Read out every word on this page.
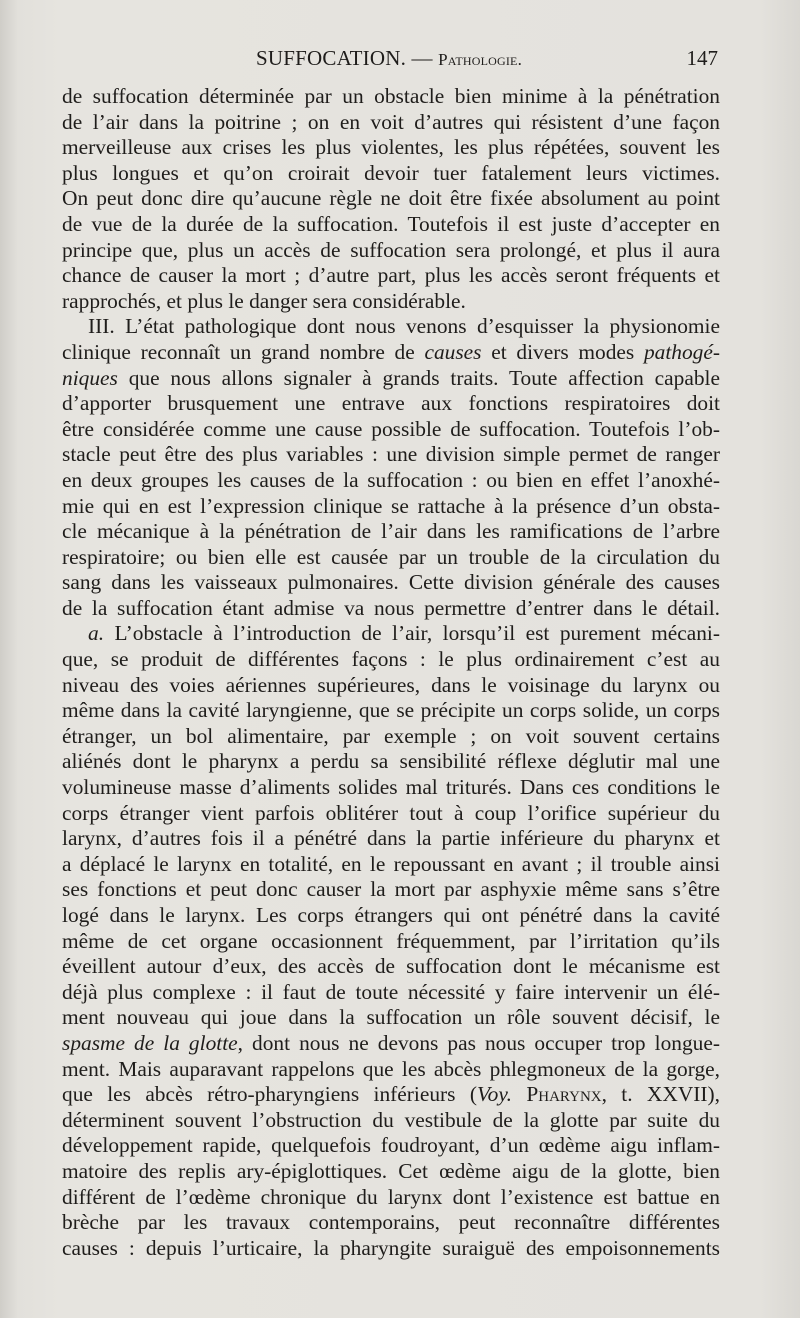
SUFFOCATION. — Pathologie.	147
de suffocation déterminée par un obstacle bien minime à la pénétration
de l’air dans la poitrine ; on en voit d’autres qui résistent d’une façon
merveilleuse aux crises les plus violentes, les plus répétées, souvent les
plus longues et qu’on croirait devoir tuer fatalement leurs victimes.
On peut donc dire qu’aucune règle ne doit être fixée absolument au point
de vue de la durée de la suffocation. Toutefois il est juste d’accepter en
principe que, plus un accès de suffocation sera prolongé, et plus il aura
chance de causer la mort ; d’autre part, plus les accès seront fréquents et
rapprochés, et plus le danger sera considérable.
III. L’état pathologique dont nous venons d’esquisser la physionomie
clinique reconnaît un grand nombre de causes et divers modes pathogé-
niques que nous allons signaler à grands traits. Toute affection capable
d’apporter brusquement une entrave aux fonctions respiratoires doit
être considérée comme une cause possible de suffocation. Toutefois l’ob-
stacle peut être des plus variables : une division simple permet de ranger
en deux groupes les causes de la suffocation : ou bien en effet l’anoxhé-
mie qui en est l’expression clinique se rattache à la présence d’un obsta-
cle mécanique à la pénétration de l’air dans les ramifications de l’arbre
respiratoire; ou bien elle est causée par un trouble de la circulation du
sang dans les vaisseaux pulmonaires. Cette division générale des causes
de la suffocation étant admise va nous permettre d’entrer dans le détail.
a. L’obstacle à l’introduction de l’air, lorsqu’il est purement mécani-
que, se produit de différentes façons : le plus ordinairement c’est au
niveau des voies aériennes supérieures, dans le voisinage du larynx ou
même dans la cavité laryngienne, que se précipite un corps solide, un corps
étranger, un bol alimentaire, par exemple ; on voit souvent certains
aliénés dont le pharynx a perdu sa sensibilité réflexe déglutir mal une
volumineuse masse d’aliments solides mal triturés. Dans ces conditions le
corps étranger vient parfois oblitérer tout à coup l’orifice supérieur du
larynx, d’autres fois il a pénétré dans la partie inférieure du pharynx et
a déplacé le larynx en totalité, en le repoussant en avant ; il trouble ainsi
ses fonctions et peut donc causer la mort par asphyxie même sans s’être
logé dans le larynx. Les corps étrangers qui ont pénétré dans la cavité
même de cet organe occasionnent fréquemment, par l’irritation qu’ils
éveillent autour d’eux, des accès de suffocation dont le mécanisme est
déjà plus complexe : il faut de toute nécessité y faire intervenir un élé-
ment nouveau qui joue dans la suffocation un rôle souvent décisif, le
spasme de la glotte, dont nous ne devons pas nous occuper trop longue-
ment. Mais auparavant rappelons que les abcès phlegmoneux de la gorge,
que les abcès rétro-pharyngiens inférieurs (Voy. Pharynx, t. XXVII),
déterminent souvent l’obstruction du vestibule de la glotte par suite du
développement rapide, quelquefois foudroyant, d’un œdème aigu inflam-
matoire des replis ary-épiglottiques. Cet œdème aigu de la glotte, bien
différent de l’œdème chronique du larynx dont l’existence est battue en
brèche par les travaux contemporains, peut reconnaître différentes
causes : depuis l’urticaire, la pharyngite suraiguë des empoisonnements
